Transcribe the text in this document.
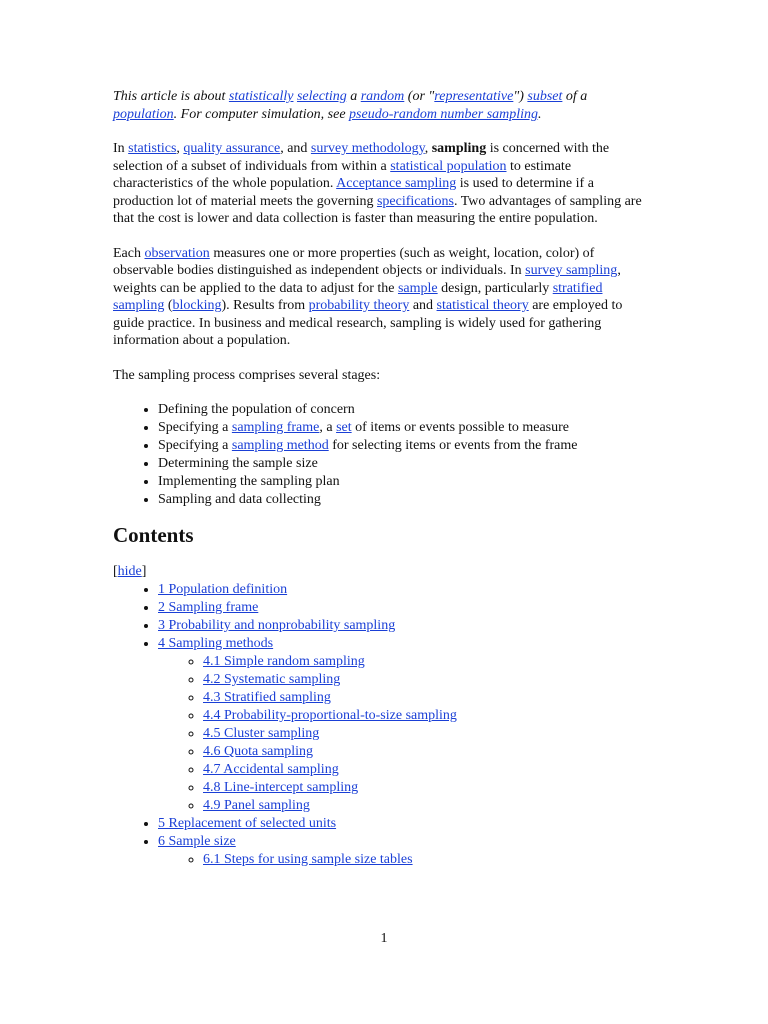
This article is about statistically selecting a random (or "representative") subset of a population. For computer simulation, see pseudo-random number sampling.

In statistics, quality assurance, and survey methodology, sampling is concerned with the selection of a subset of individuals from within a statistical population to estimate characteristics of the whole population. Acceptance sampling is used to determine if a production lot of material meets the governing specifications. Two advantages of sampling are that the cost is lower and data collection is faster than measuring the entire population.

Each observation measures one or more properties (such as weight, location, color) of observable bodies distinguished as independent objects or individuals. In survey sampling, weights can be applied to the data to adjust for the sample design, particularly stratified sampling (blocking). Results from probability theory and statistical theory are employed to guide practice. In business and medical research, sampling is widely used for gathering information about a population.

The sampling process comprises several stages:

• Defining the population of concern
• Specifying a sampling frame, a set of items or events possible to measure
• Specifying a sampling method for selecting items or events from the frame
• Determining the sample size
• Implementing the sampling plan
• Sampling and data collecting
Contents
[hide]
• 1 Population definition
• 2 Sampling frame
• 3 Probability and nonprobability sampling
• 4 Sampling methods
◦ 4.1 Simple random sampling
◦ 4.2 Systematic sampling
◦ 4.3 Stratified sampling
◦ 4.4 Probability-proportional-to-size sampling
◦ 4.5 Cluster sampling
◦ 4.6 Quota sampling
◦ 4.7 Accidental sampling
◦ 4.8 Line-intercept sampling
◦ 4.9 Panel sampling
• 5 Replacement of selected units
• 6 Sample size
◦ 6.1 Steps for using sample size tables
1
